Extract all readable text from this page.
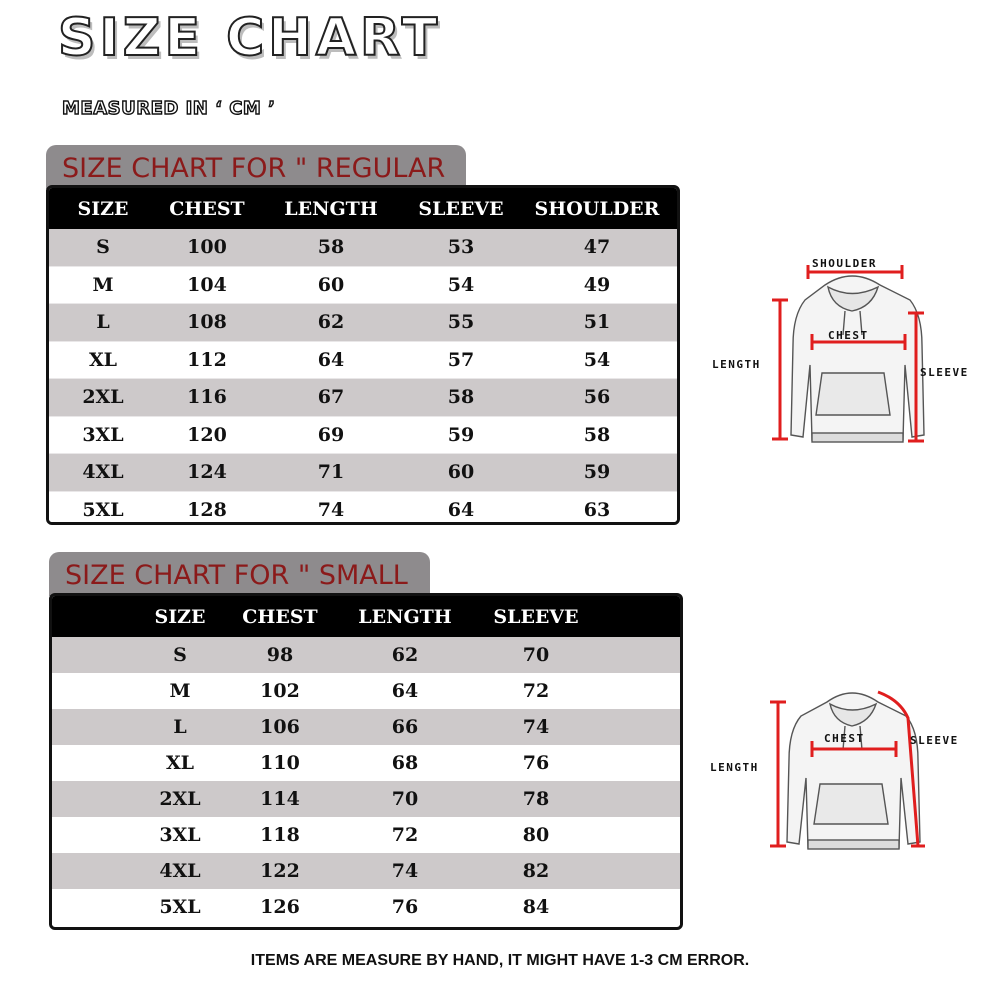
SIZE CHART
MEASURED IN ‘ CM ’
SIZE CHART FOR " REGULAR
SIZE	CHEST	LENGTH	SLEEVE	SHOULDER
S	100	58	53	47
M	104	60	54	49
L	108	62	55	51
XL	112	64	57	54
2XL	116	67	58	56
3XL	120	69	59	58
4XL	124	71	60	59
5XL	128	74	64	63
SIZE CHART FOR " SMALL
SIZE	CHEST	LENGTH	SLEEVE
S	98	62	70
M	102	64	72
L	106	66	74
XL	110	68	76
2XL	114	70	78
3XL	118	72	80
4XL	122	74	82
5XL	126	76	84
SHOULDER
CHEST
LENGTH
SLEEVE
CHEST
LENGTH
SLEEVE
ITEMS ARE MEASURE BY HAND, IT MIGHT HAVE 1-3 CM ERROR.
